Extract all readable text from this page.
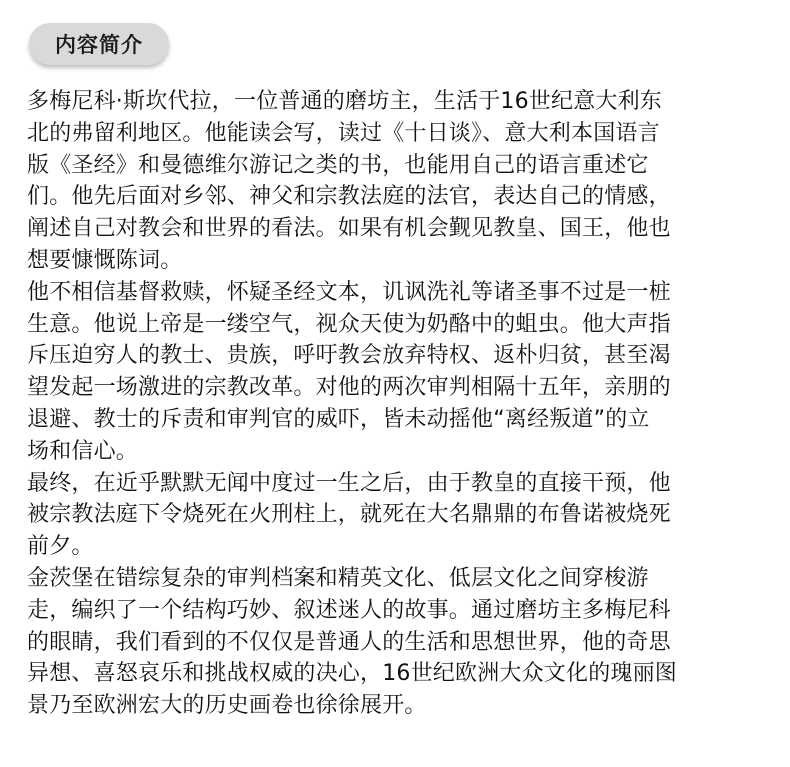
内容简介
多梅尼科·斯坎代拉，一位普通的磨坊主，生活于16世纪意大利东
北的弗留利地区。他能读会写，读过《十日谈》、意大利本国语言
版《圣经》和曼德维尔游记之类的书，也能用自己的语言重述它
们。他先后面对乡邻、神父和宗教法庭的法官，表达自己的情感，
阐述自己对教会和世界的看法。如果有机会觐见教皇、国王，他也
想要慷慨陈词。
他不相信基督救赎，怀疑圣经文本，讥讽洗礼等诸圣事不过是一桩
生意。他说上帝是一缕空气，视众天使为奶酪中的蛆虫。他大声指
斥压迫穷人的教士、贵族，呼吁教会放弃特权、返朴归贫，甚至渴
望发起一场激进的宗教改革。对他的两次审判相隔十五年，亲朋的
退避、教士的斥责和审判官的威吓，皆未动摇他“离经叛道”的立
场和信心。
最终，在近乎默默无闻中度过一生之后，由于教皇的直接干预，他
被宗教法庭下令烧死在火刑柱上，就死在大名鼎鼎的布鲁诺被烧死
前夕。
金茨堡在错综复杂的审判档案和精英文化、低层文化之间穿梭游
走，编织了一个结构巧妙、叙述迷人的故事。通过磨坊主多梅尼科
的眼睛，我们看到的不仅仅是普通人的生活和思想世界，他的奇思
异想、喜怒哀乐和挑战权威的决心，16世纪欧洲大众文化的瑰丽图
景乃至欧洲宏大的历史画卷也徐徐展开。
